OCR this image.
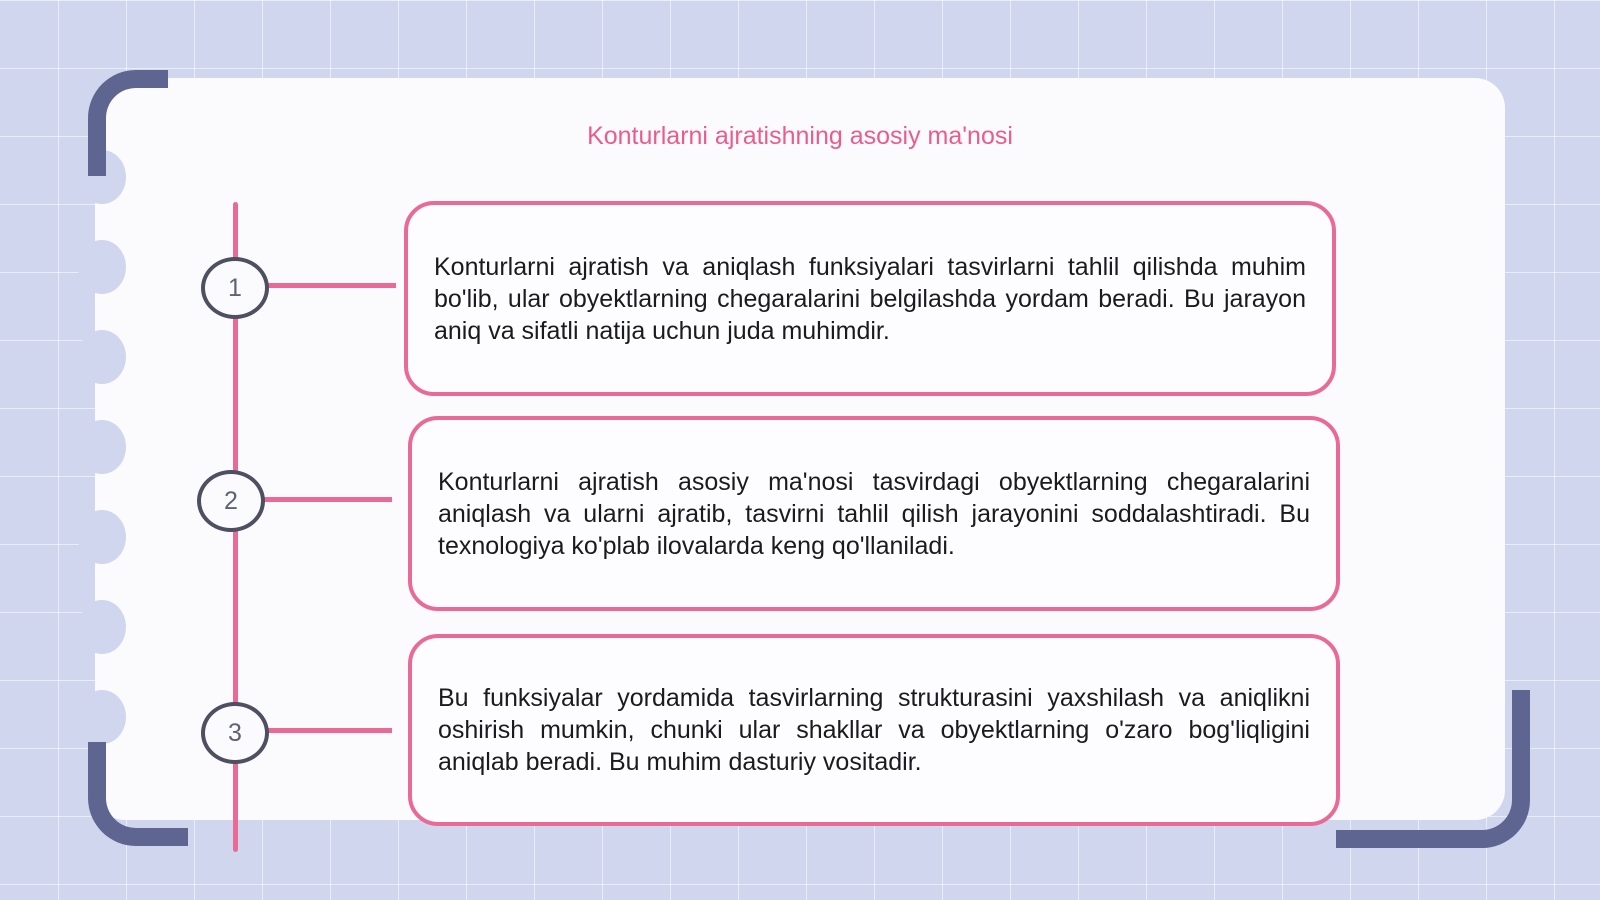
Konturlarni ajratishning asosiy ma'nosi
1

Konturlarni ajratish va aniqlash funksiyalari tasvirlarni tahlil qilishda muhim bo'lib, ular obyektlarning chegaralarini belgilashda yordam beradi. Bu jarayon aniq va sifatli natija uchun juda muhimdir.

2

Konturlarni ajratish asosiy ma'nosi tasvirdagi obyektlarning chegaralarini aniqlash va ularni ajratib, tasvirni tahlil qilish jarayonini soddalashtiradi. Bu texnologiya ko'plab ilovalarda keng qo'llaniladi.

3

Bu funksiyalar yordamida tasvirlarning strukturasini yaxshilash va aniqlikni oshirish mumkin, chunki ular shakllar va obyektlarning o'zaro bog'liqligini aniqlab beradi. Bu muhim dasturiy vositadir.
